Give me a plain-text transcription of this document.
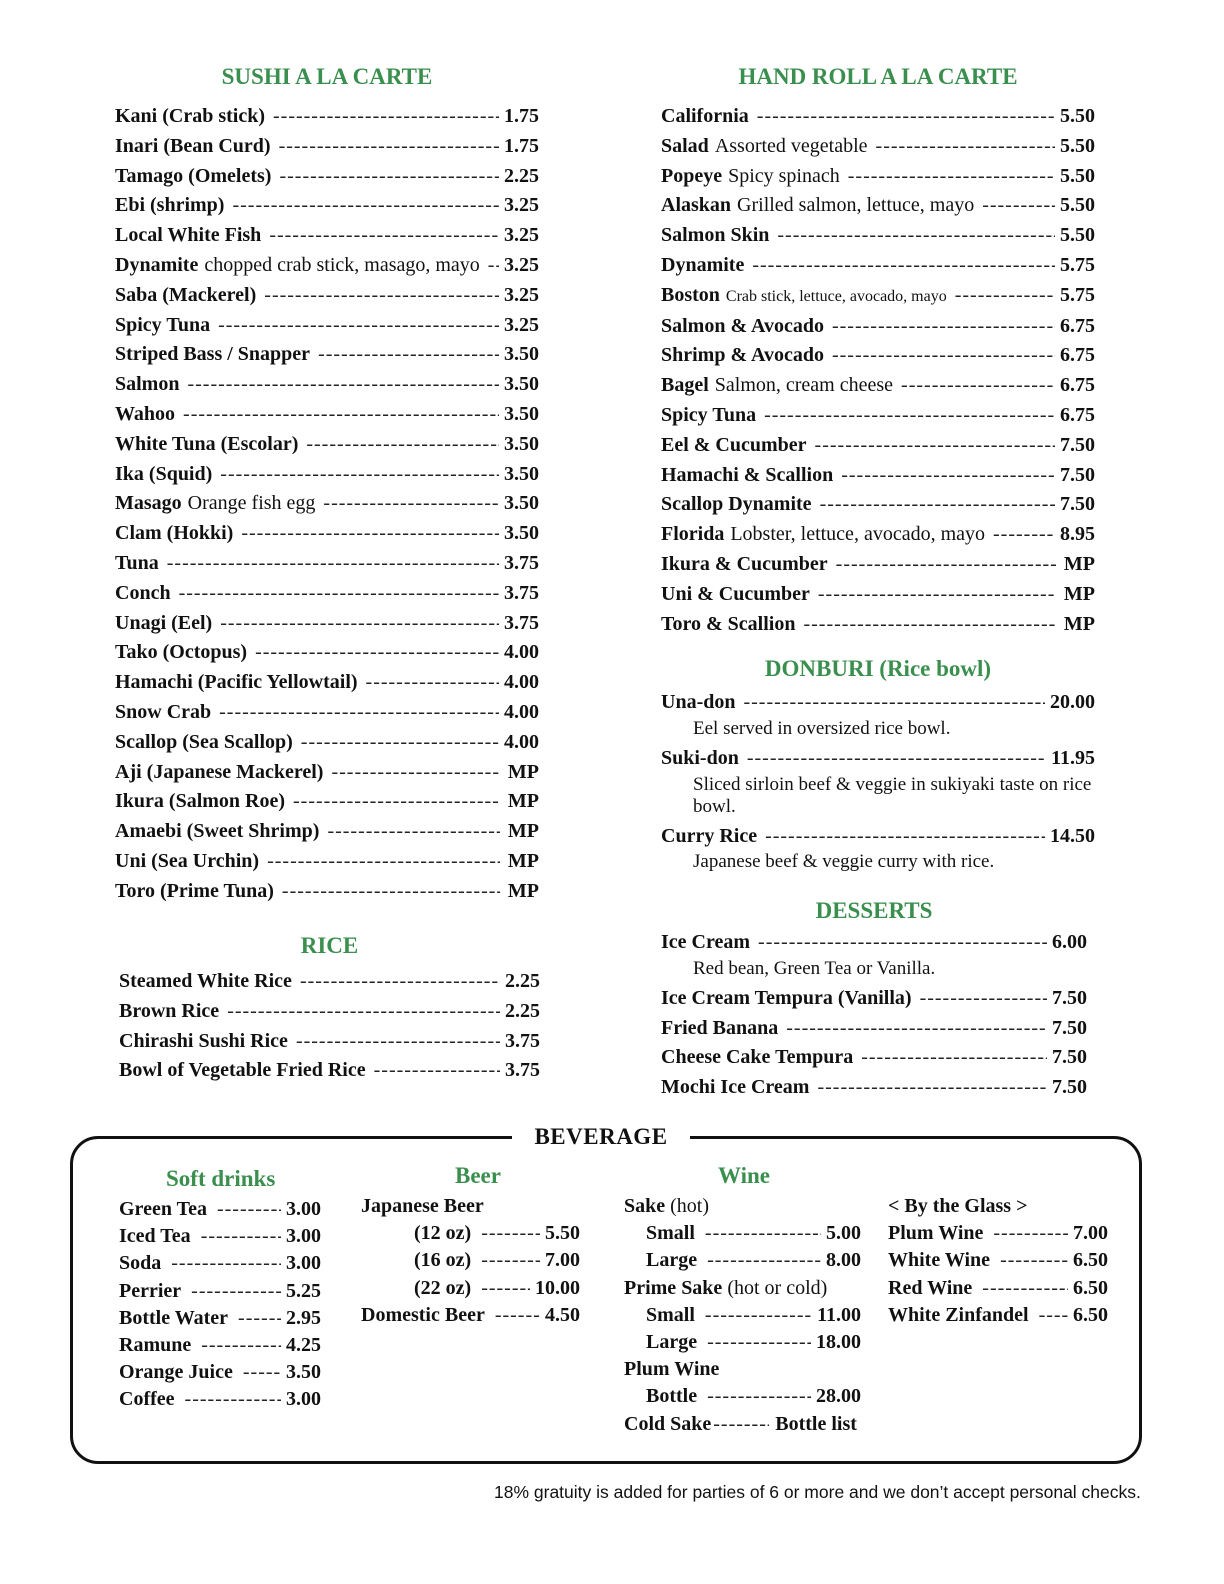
SUSHI A LA CARTE
Kani (Crab stick) -----	1.75
Inari (Bean Curd) -----	1.75
Tamago (Omelets) -----	2.25
Ebi (shrimp) -----	3.25
Local White Fish -----	3.25
Dynamite chopped crab stick, masago, mayo ----- 3.25
Saba (Mackerel) -----	3.25
Spicy Tuna -----	3.25
Striped Bass / Snapper -----	3.50
Salmon -----	3.50
Wahoo -----	3.50
White Tuna (Escolar) -----	3.50
Ika (Squid) -----	3.50
Masago Orange fish egg -----	3.50
Clam (Hokki) -----	3.50
Tuna -----	3.75
Conch -----	3.75
Unagi (Eel) -----	3.75
Tako (Octopus) -----	4.00
Hamachi (Pacific Yellowtail) -----	4.00
Snow Crab -----	4.00
Scallop (Sea Scallop) -----	4.00
Aji (Japanese Mackerel) -----	MP
Ikura (Salmon Roe) -----	MP
Amaebi (Sweet Shrimp) -----	MP
Uni (Sea Urchin) -----	MP
Toro (Prime Tuna) -----	MP
RICE
Steamed White Rice -----	2.25
Brown Rice -----	2.25
Chirashi Sushi Rice -----	3.75
Bowl of Vegetable Fried Rice -----	3.75
HAND ROLL A LA CARTE
California -----	5.50
Salad Assorted vegetable -----	5.50
Popeye Spicy spinach -----	5.50
Alaskan Grilled salmon, lettuce, mayo -----	5.50
Salmon Skin -----	5.50
Dynamite -----	5.75
Boston Crab stick, lettuce, avocado, mayo -----	5.75
Salmon & Avocado -----	6.75
Shrimp & Avocado -----	6.75
Bagel Salmon, cream cheese -----	6.75
Spicy Tuna -----	6.75
Eel & Cucumber -----	7.50
Hamachi & Scallion -----	7.50
Scallop Dynamite -----	7.50
Florida Lobster, lettuce, avocado, mayo -----	8.95
Ikura & Cucumber -----	MP
Uni & Cucumber -----	MP
Toro & Scallion -----	MP
DONBURI (Rice bowl)
Una-don -----	20.00
Eel served in oversized rice bowl.
Suki-don -----	11.95
Sliced sirloin beef & veggie in sukiyaki taste on rice bowl.
Curry Rice -----	14.50
Japanese beef & veggie curry with rice.
DESSERTS
Ice Cream -----	6.00
Red bean, Green Tea or Vanilla.
Ice Cream Tempura (Vanilla) -----	7.50
Fried Banana -----	7.50
Cheese Cake Tempura -----	7.50
Mochi Ice Cream -----	7.50
BEVERAGE
Soft drinks
Green Tea -----	3.00
Iced Tea -----	3.00
Soda -----	3.00
Perrier -----	5.25
Bottle Water -----	2.95
Ramune -----	4.25
Orange Juice -----	3.50
Coffee -----	3.00
Beer
Japanese Beer
(12 oz) -----	5.50
(16 oz) -----	7.00
(22 oz) -----	10.00
Domestic Beer -----	4.50
Wine
Sake (hot)
Small -----	5.00
Large -----	8.00
Prime Sake (hot or cold)
Small -----	11.00
Large -----	18.00
Plum Wine
Bottle -----	28.00
Cold Sake -----	Bottle list
< By the Glass >
Plum Wine -----	7.00
White Wine -----	6.50
Red Wine -----	6.50
White Zinfandel ----- 6.50
18% gratuity is added for parties of 6 or more and we don’t accept personal checks.
